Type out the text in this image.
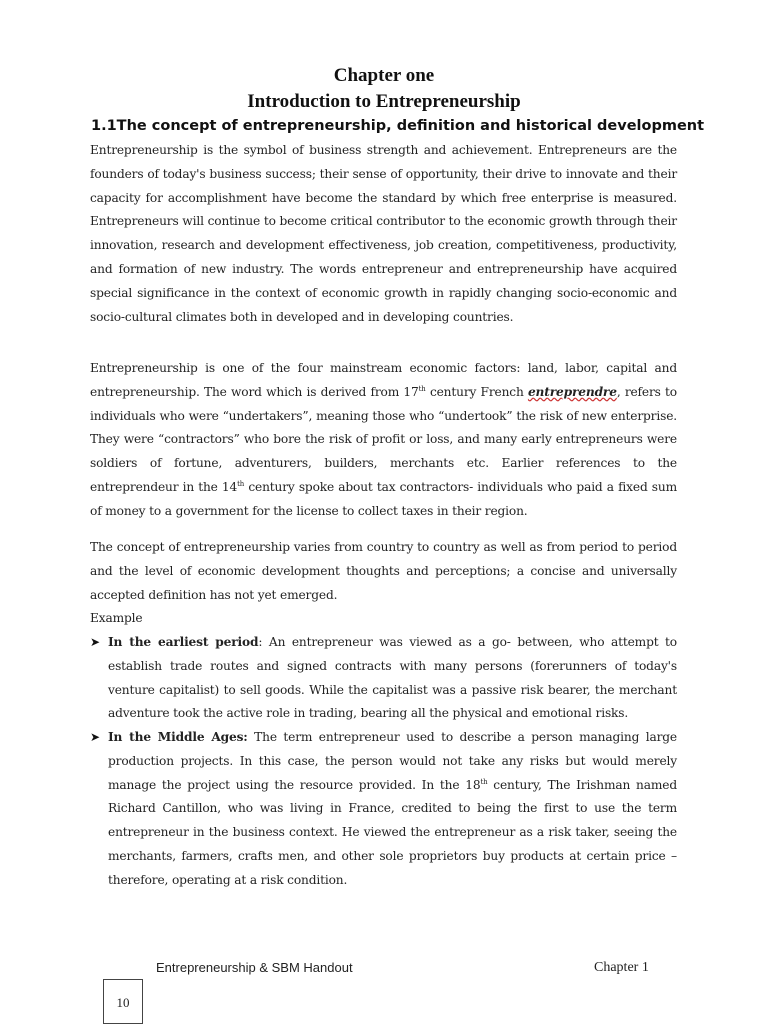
Chapter one
Introduction to Entrepreneurship
1.1The concept of entrepreneurship, definition and historical development
Entrepreneurship is the symbol of business strength and achievement. Entrepreneurs are the founders of today's business success; their sense of opportunity, their drive to innovate and their capacity for accomplishment have become the standard by which free enterprise is measured. Entrepreneurs will continue to become critical contributor to the economic growth through their innovation, research and development effectiveness, job creation, competitiveness, productivity, and formation of new industry. The words entrepreneur and entrepreneurship have acquired special significance in the context of economic growth in rapidly changing socio-economic and socio-cultural climates both in developed and in developing countries.
Entrepreneurship is one of the four mainstream economic factors: land, labor, capital and entrepreneurship. The word which is derived from 17th century French entreprendre, refers to individuals who were “undertakers”, meaning those who “undertook” the risk of new enterprise. They were “contractors” who bore the risk of profit or loss, and many early entrepreneurs were soldiers of fortune, adventurers, builders, merchants etc. Earlier references to the entreprendeur in the 14th century spoke about tax contractors- individuals who paid a fixed sum of money to a government for the license to collect taxes in their region.
The concept of entrepreneurship varies from country to country as well as from period to period and the level of economic development thoughts and perceptions; a concise and universally accepted definition has not yet emerged.
Example
➤ In the earliest period: An entrepreneur was viewed as a go- between, who attempt to establish trade routes and signed contracts with many persons (forerunners of today's venture capitalist) to sell goods. While the capitalist was a passive risk bearer, the merchant adventure took the active role in trading, bearing all the physical and emotional risks.
➤ In the Middle Ages: The term entrepreneur used to describe a person managing large production projects. In this case, the person would not take any risks but would merely manage the project using the resource provided. In the 18th century, The Irishman named Richard Cantillon, who was living in France, credited to being the first to use the term entrepreneur in the business context. He viewed the entrepreneur as a risk taker, seeing the merchants, farmers, crafts men, and other sole proprietors buy products at certain price – therefore, operating at a risk condition.
Entrepreneurship & SBM Handout	Chapter 1
10
